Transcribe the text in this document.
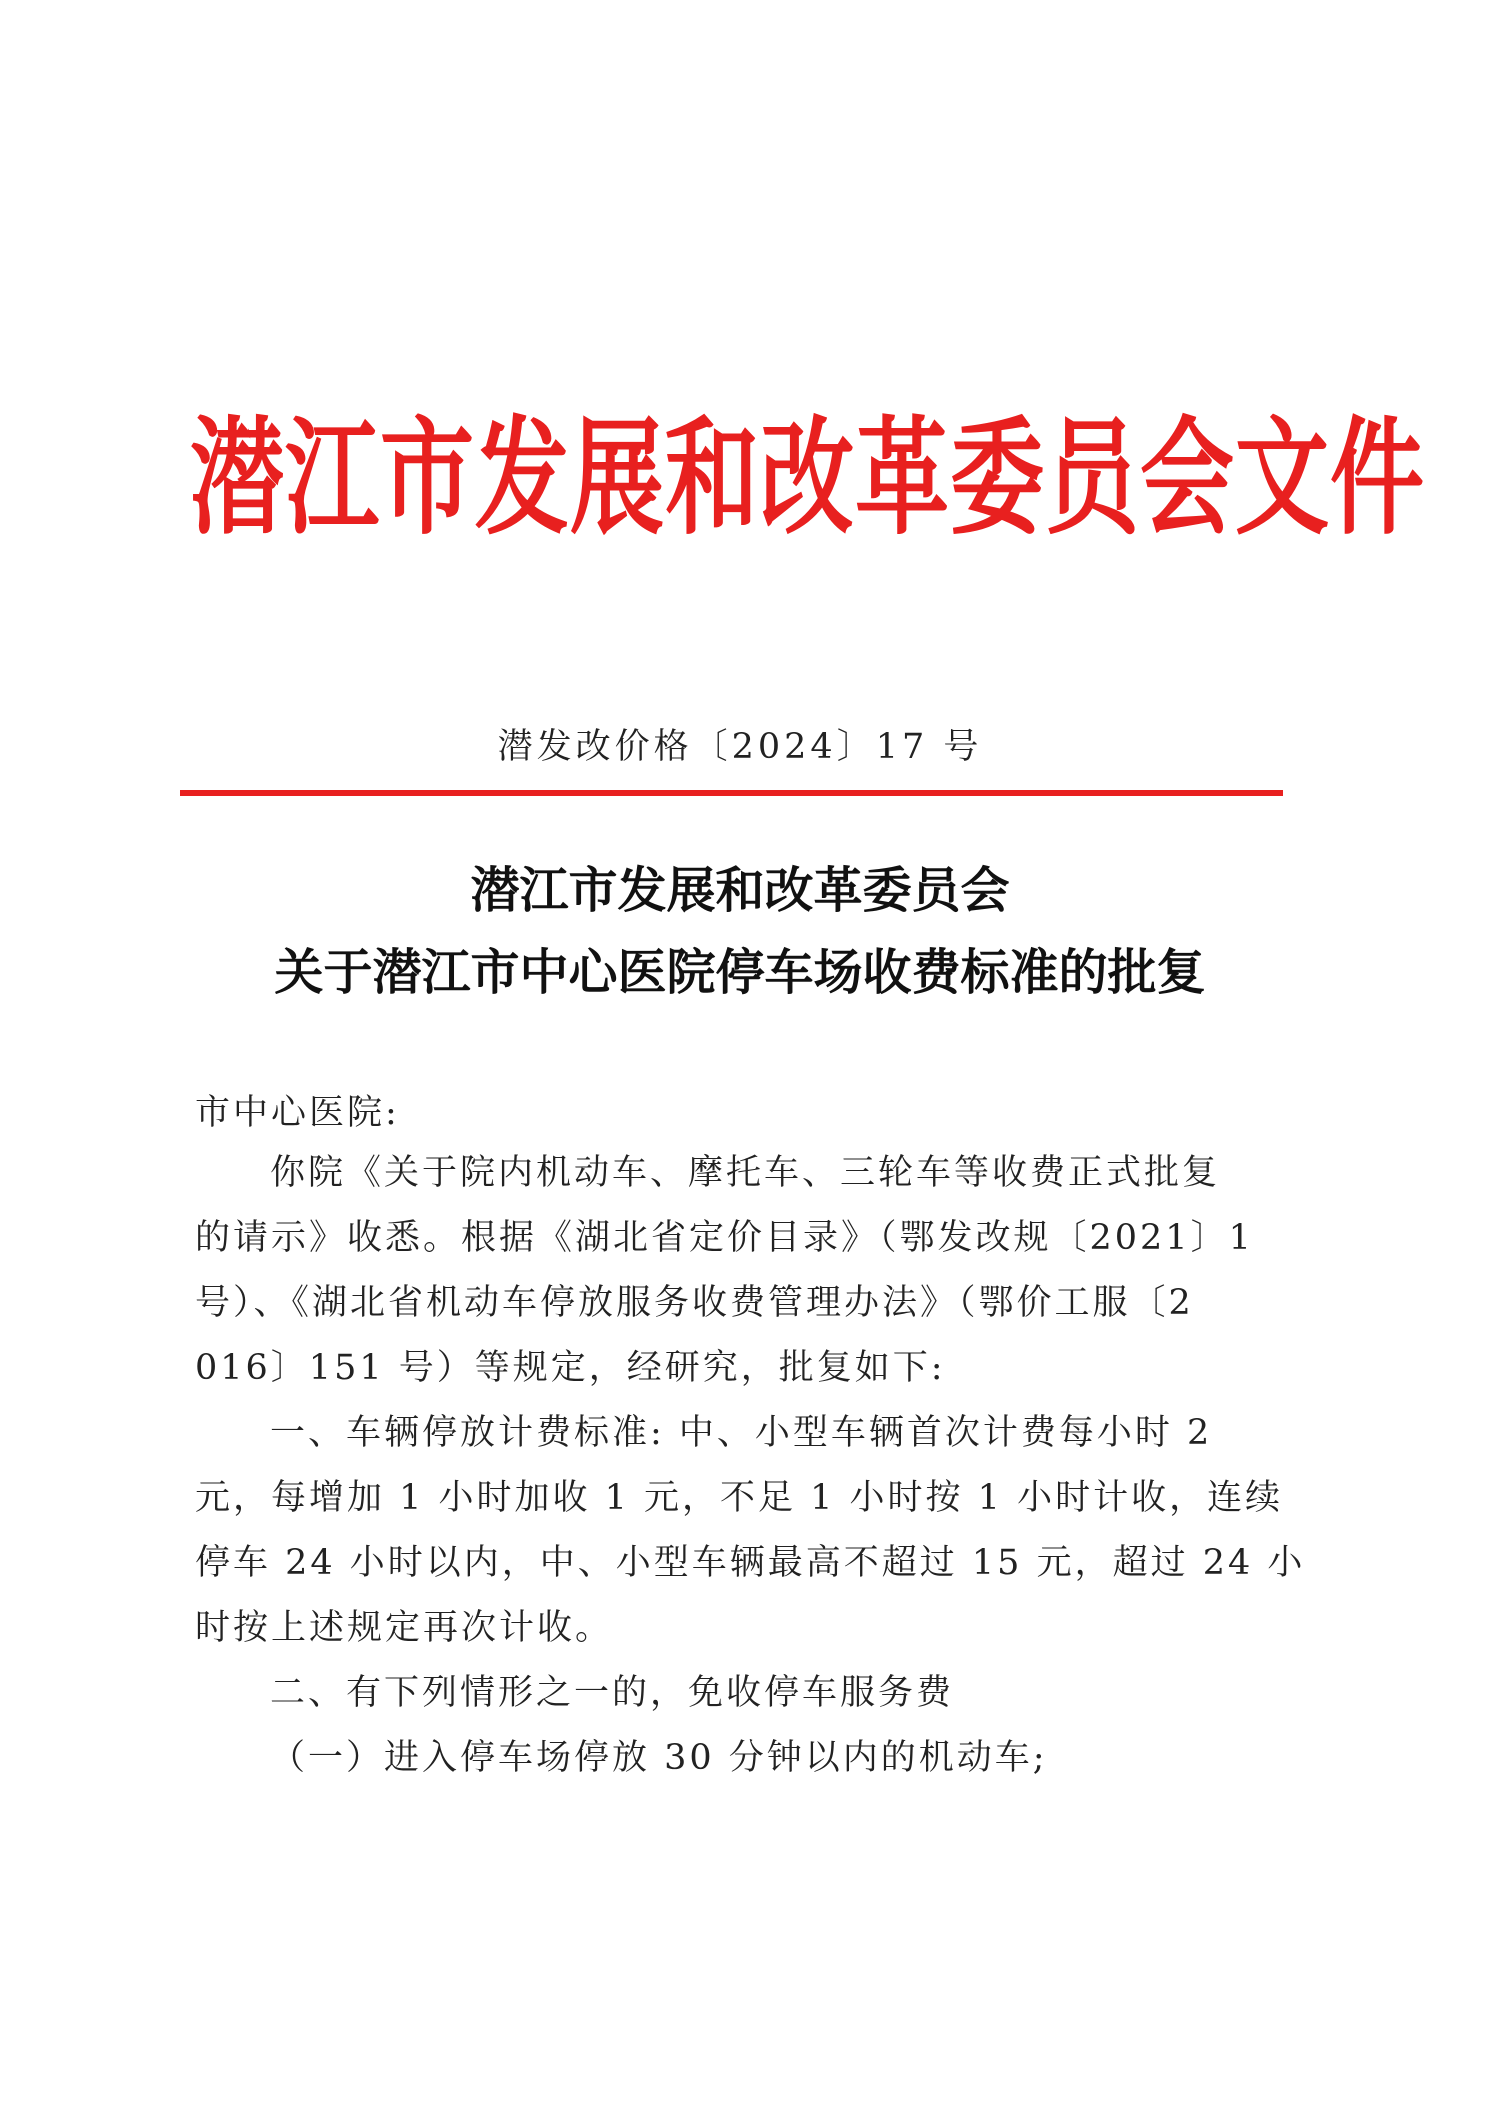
潜江市发展和改革委员会文件
潜发改价格〔2024〕17 号
潜江市发展和改革委员会
关于潜江市中心医院停车场收费标准的批复
市中心医院:
你院《关于院内机动车、摩托车、三轮车等收费正式批复
的请示》收悉。根据《湖北省定价目录》（鄂发改规〔2021〕1
号）、《湖北省机动车停放服务收费管理办法》（鄂价工服〔2
016〕151 号）等规定，经研究，批复如下:
一、车辆停放计费标准: 中、小型车辆首次计费每小时 2
元，每增加 1 小时加收 1 元，不足 1 小时按 1 小时计收，连续
停车 24 小时以内，中、小型车辆最高不超过 15 元，超过 24 小
时按上述规定再次计收。
二、有下列情形之一的，免收停车服务费
（一）进入停车场停放 30 分钟以内的机动车;
